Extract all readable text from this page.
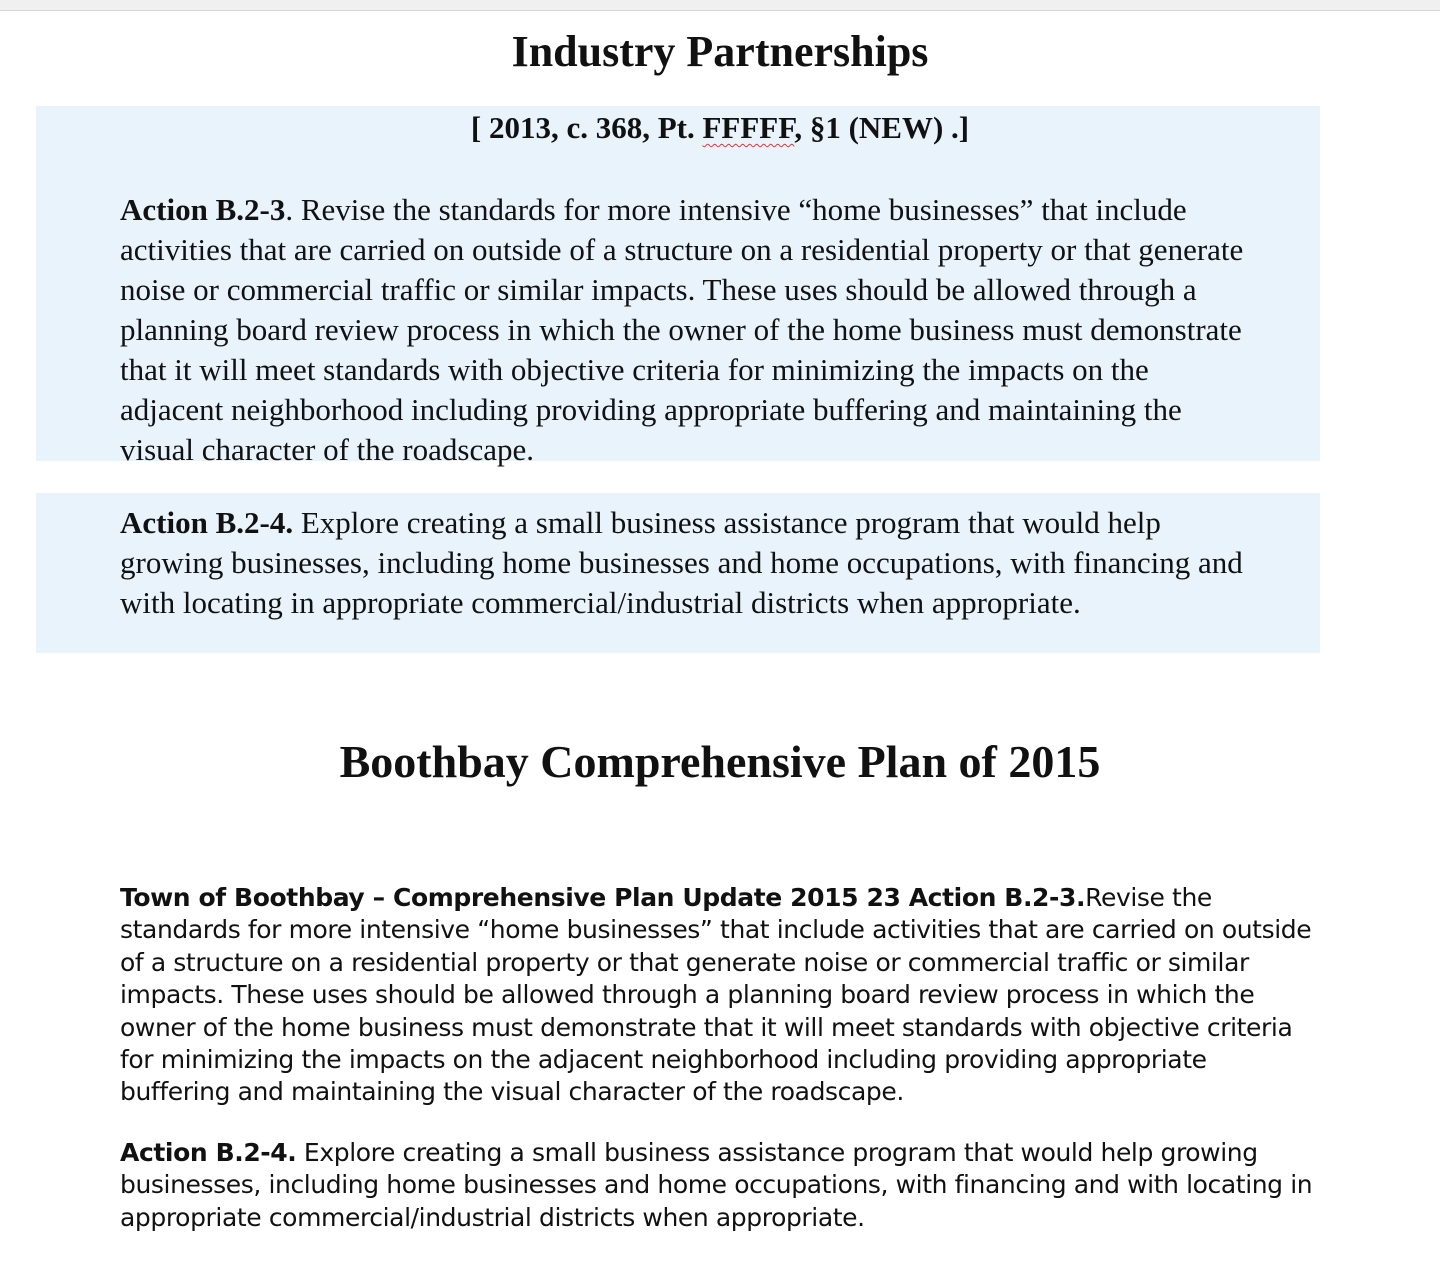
Industry Partnerships

[ 2013, c. 368, Pt. FFFFF, §1 (NEW) .]

Action B.2-3. Revise the standards for more intensive “home businesses” that include activities that are carried on outside of a structure on a residential property or that generate noise or commercial traffic or similar impacts. These uses should be allowed through a planning board review process in which the owner of the home business must demonstrate that it will meet standards with objective criteria for minimizing the impacts on the adjacent neighborhood including providing appropriate buffering and maintaining the visual character of the roadscape.

Action B.2-4. Explore creating a small business assistance program that would help growing businesses, including home businesses and home occupations, with financing and with locating in appropriate commercial/industrial districts when appropriate.

Boothbay Comprehensive Plan of 2015

Town of Boothbay – Comprehensive Plan Update 2015 23 Action B.2-3.Revise the standards for more intensive “home businesses” that include activities that are carried on outside of a structure on a residential property or that generate noise or commercial traffic or similar impacts. These uses should be allowed through a planning board review process in which the owner of the home business must demonstrate that it will meet standards with objective criteria for minimizing the impacts on the adjacent neighborhood including providing appropriate buffering and maintaining the visual character of the roadscape.

Action B.2-4. Explore creating a small business assistance program that would help growing businesses, including home businesses and home occupations, with financing and with locating in appropriate commercial/industrial districts when appropriate.
